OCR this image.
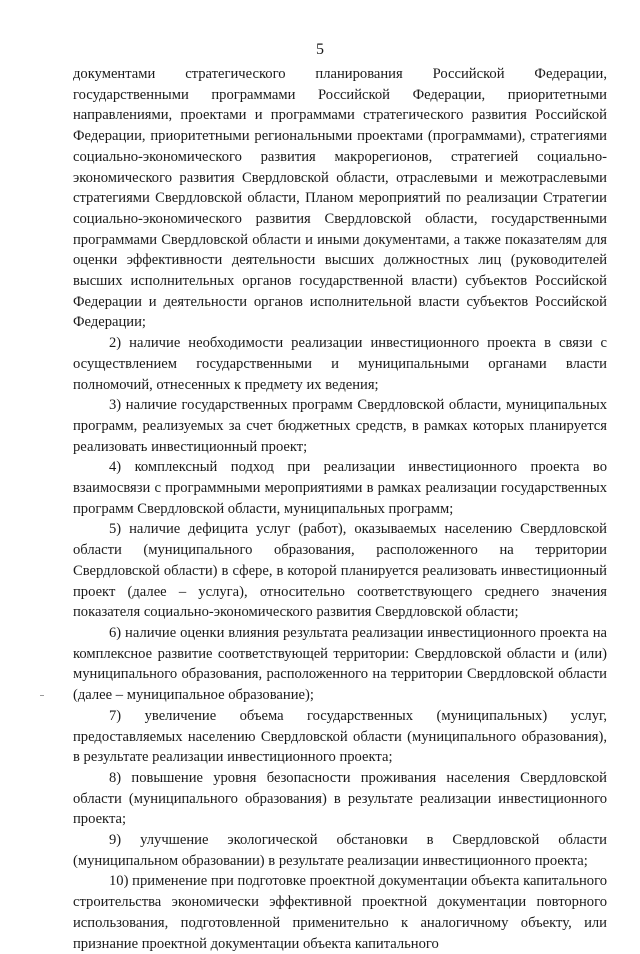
5

документами стратегического планирования Российской Федерации, государственными программами Российской Федерации, приоритетными направлениями, проектами и программами стратегического развития Российской Федерации, приоритетными региональными проектами (программами), стратегиями социально-экономического развития макрорегионов, стратегией социально-экономического развития Свердловской области, отраслевыми и межотраслевыми стратегиями Свердловской области, Планом мероприятий по реализации Стратегии социально-экономического развития Свердловской области, государственными программами Свердловской области и иными документами, а также показателям для оценки эффективности деятельности высших должностных лиц (руководителей высших исполнительных органов государственной власти) субъектов Российской Федерации и деятельности органов исполнительной власти субъектов Российской Федерации;

2) наличие необходимости реализации инвестиционного проекта в связи с осуществлением государственными и муниципальными органами власти полномочий, отнесенных к предмету их ведения;

3) наличие государственных программ Свердловской области, муниципальных программ, реализуемых за счет бюджетных средств, в рамках которых планируется реализовать инвестиционный проект;

4) комплексный подход при реализации инвестиционного проекта во взаимосвязи с программными мероприятиями в рамках реализации государственных программ Свердловской области, муниципальных программ;

5) наличие дефицита услуг (работ), оказываемых населению Свердловской области (муниципального образования, расположенного на территории Свердловской области) в сфере, в которой планируется реализовать инвестиционный проект (далее – услуга), относительно соответствующего среднего значения показателя социально-экономического развития Свердловской области;

6) наличие оценки влияния результата реализации инвестиционного проекта на комплексное развитие соответствующей территории: Свердловской области и (или) муниципального образования, расположенного на территории Свердловской области (далее – муниципальное образование);

7) увеличение объема государственных (муниципальных) услуг, предоставляемых населению Свердловской области (муниципального образования), в результате реализации инвестиционного проекта;

8) повышение уровня безопасности проживания населения Свердловской области (муниципального образования) в результате реализации инвестиционного проекта;

9) улучшение экологической обстановки в Свердловской области (муниципальном образовании) в результате реализации инвестиционного проекта;

10) применение при подготовке проектной документации объекта капитального строительства экономически эффективной проектной документации повторного использования, подготовленной применительно к аналогичному объекту, или признание проектной документации объекта капитального
